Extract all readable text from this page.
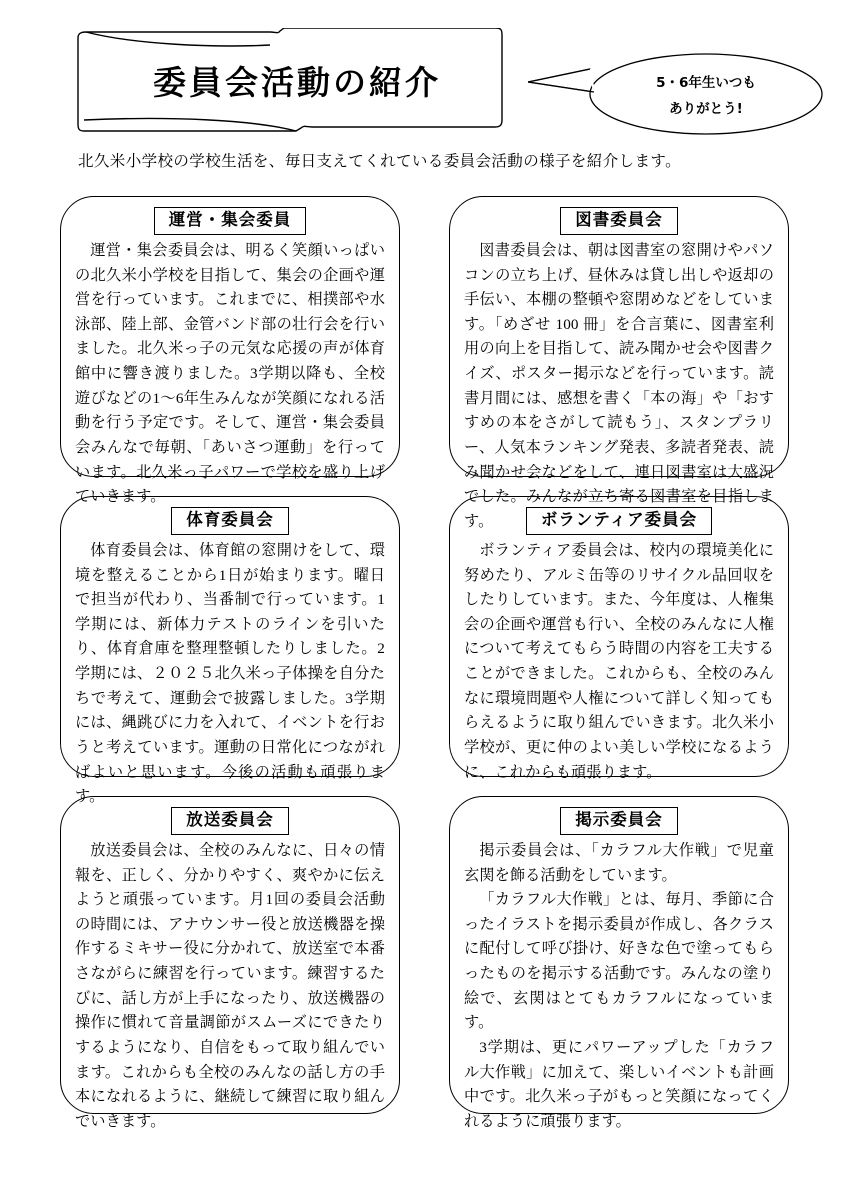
委員会活動の紹介	5・6年生いつも
ありがとう!
北久米小学校の学校生活を、毎日支えてくれている委員会活動の様子を紹介します。
運営・集会委員

運営・集会委員会は、明るく笑顔いっぱいの北久米小学校を目指して、集会の企画や運営を行っています。これまでに、相撲部や水泳部、陸上部、金管バンド部の壮行会を行いました。北久米っ子の元気な応援の声が体育館中に響き渡りました。3学期以降も、全校遊びなどの1～6年生みんなが笑顔になれる活動を行う予定です。そして、運営・集会委員会みんなで毎朝、「あいさつ運動」を行っています。北久米っ子パワーで学校を盛り上げていきます。

図書委員会

図書委員会は、朝は図書室の窓開けやパソコンの立ち上げ、昼休みは貸し出しや返却の手伝い、本棚の整頓や窓閉めなどをしています。「めざせ 100 冊」を合言葉に、図書室利用の向上を目指して、読み聞かせ会や図書クイズ、ポスター掲示などを行っています。読書月間には、感想を書く「本の海」や「おすすめの本をさがして読もう」、スタンプラリー、人気本ランキング発表、多読者発表、読み聞かせ会などをして、連日図書室は大盛況でした。みんなが立ち寄る図書室を目指します。

体育委員会

体育委員会は、体育館の窓開けをして、環境を整えることから1日が始まります。曜日で担当が代わり、当番制で行っています。1学期には、新体力テストのラインを引いたり、体育倉庫を整理整頓したりしました。2学期には、２０２５北久米っ子体操を自分たちで考えて、運動会で披露しました。3学期には、縄跳びに力を入れて、イベントを行おうと考えています。運動の日常化につながればよいと思います。今後の活動も頑張ります。

ボランティア委員会

ボランティア委員会は、校内の環境美化に努めたり、アルミ缶等のリサイクル品回収をしたりしています。また、今年度は、人権集会の企画や運営も行い、全校のみんなに人権について考えてもらう時間の内容を工夫することができました。これからも、全校のみんなに環境問題や人権について詳しく知ってもらえるように取り組んでいきます。北久米小学校が、更に仲のよい美しい学校になるように、これからも頑張ります。

放送委員会

放送委員会は、全校のみんなに、日々の情報を、正しく、分かりやすく、爽やかに伝えようと頑張っています。月1回の委員会活動の時間には、アナウンサー役と放送機器を操作するミキサー役に分かれて、放送室で本番さながらに練習を行っています。練習するたびに、話し方が上手になったり、放送機器の操作に慣れて音量調節がスムーズにできたりするようになり、自信をもって取り組んでいます。これからも全校のみんなの話し方の手本になれるように、継続して練習に取り組んでいきます。

掲示委員会

掲示委員会は、「カラフル大作戦」で児童玄関を飾る活動をしています。

「カラフル大作戦」とは、毎月、季節に合ったイラストを掲示委員が作成し、各クラスに配付して呼び掛け、好きな色で塗ってもらったものを掲示する活動です。みんなの塗り絵で、玄関はとてもカラフルになっています。

3学期は、更にパワーアップした「カラフル大作戦」に加えて、楽しいイベントも計画中です。北久米っ子がもっと笑顔になってくれるように頑張ります。
